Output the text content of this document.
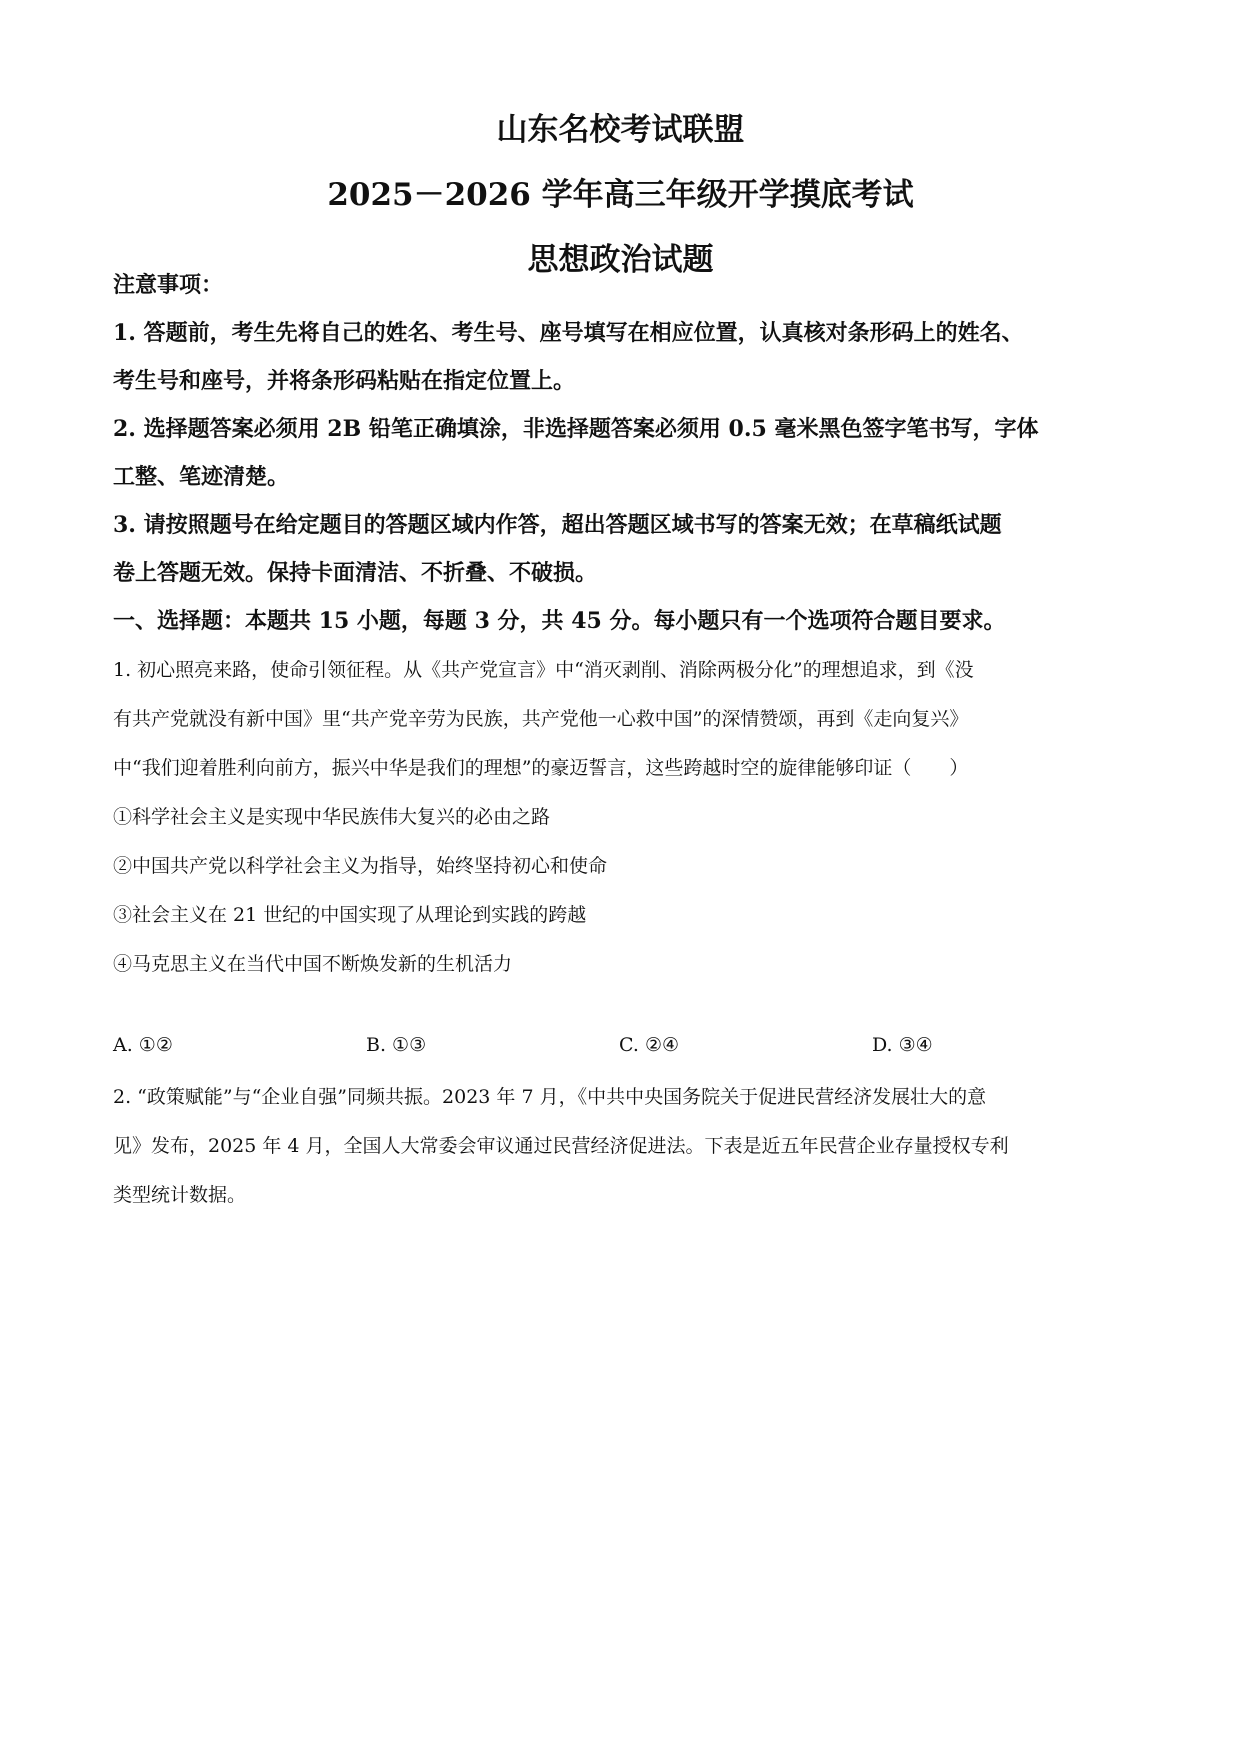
山东名校考试联盟
2025－2026 学年高三年级开学摸底考试
思想政治试题
注意事项：
1. 答题前，考生先将自己的姓名、考生号、座号填写在相应位置，认真核对条形码上的姓名、
考生号和座号，并将条形码粘贴在指定位置上。
2. 选择题答案必须用 2B 铅笔正确填涂，非选择题答案必须用 0.5 毫米黑色签字笔书写，字体
工整、笔迹清楚。
3. 请按照题号在给定题目的答题区域内作答，超出答题区域书写的答案无效；在草稿纸试题
卷上答题无效。保持卡面清洁、不折叠、不破损。
一、选择题：本题共 15 小题，每题 3 分，共 45 分。每小题只有一个选项符合题目要求。
1. 初心照亮来路，使命引领征程。从《共产党宣言》中“消灭剥削、消除两极分化”的理想追求，到《没
有共产党就没有新中国》里“共产党辛劳为民族，共产党他一心救中国”的深情赞颂，再到《走向复兴》
中“我们迎着胜利向前方，振兴中华是我们的理想”的豪迈誓言，这些跨越时空的旋律能够印证（　　）
①科学社会主义是实现中华民族伟大复兴的必由之路
②中国共产党以科学社会主义为指导，始终坚持初心和使命
③社会主义在 21 世纪的中国实现了从理论到实践的跨越
④马克思主义在当代中国不断焕发新的生机活力
A. ①②	B. ①③	C. ②④	D. ③④
2. “政策赋能”与“企业自强”同频共振。2023 年 7 月，《中共中央国务院关于促进民营经济发展壮大的意
见》发布，2025 年 4 月，全国人大常委会审议通过民营经济促进法。下表是近五年民营企业存量授权专利
类型统计数据。
